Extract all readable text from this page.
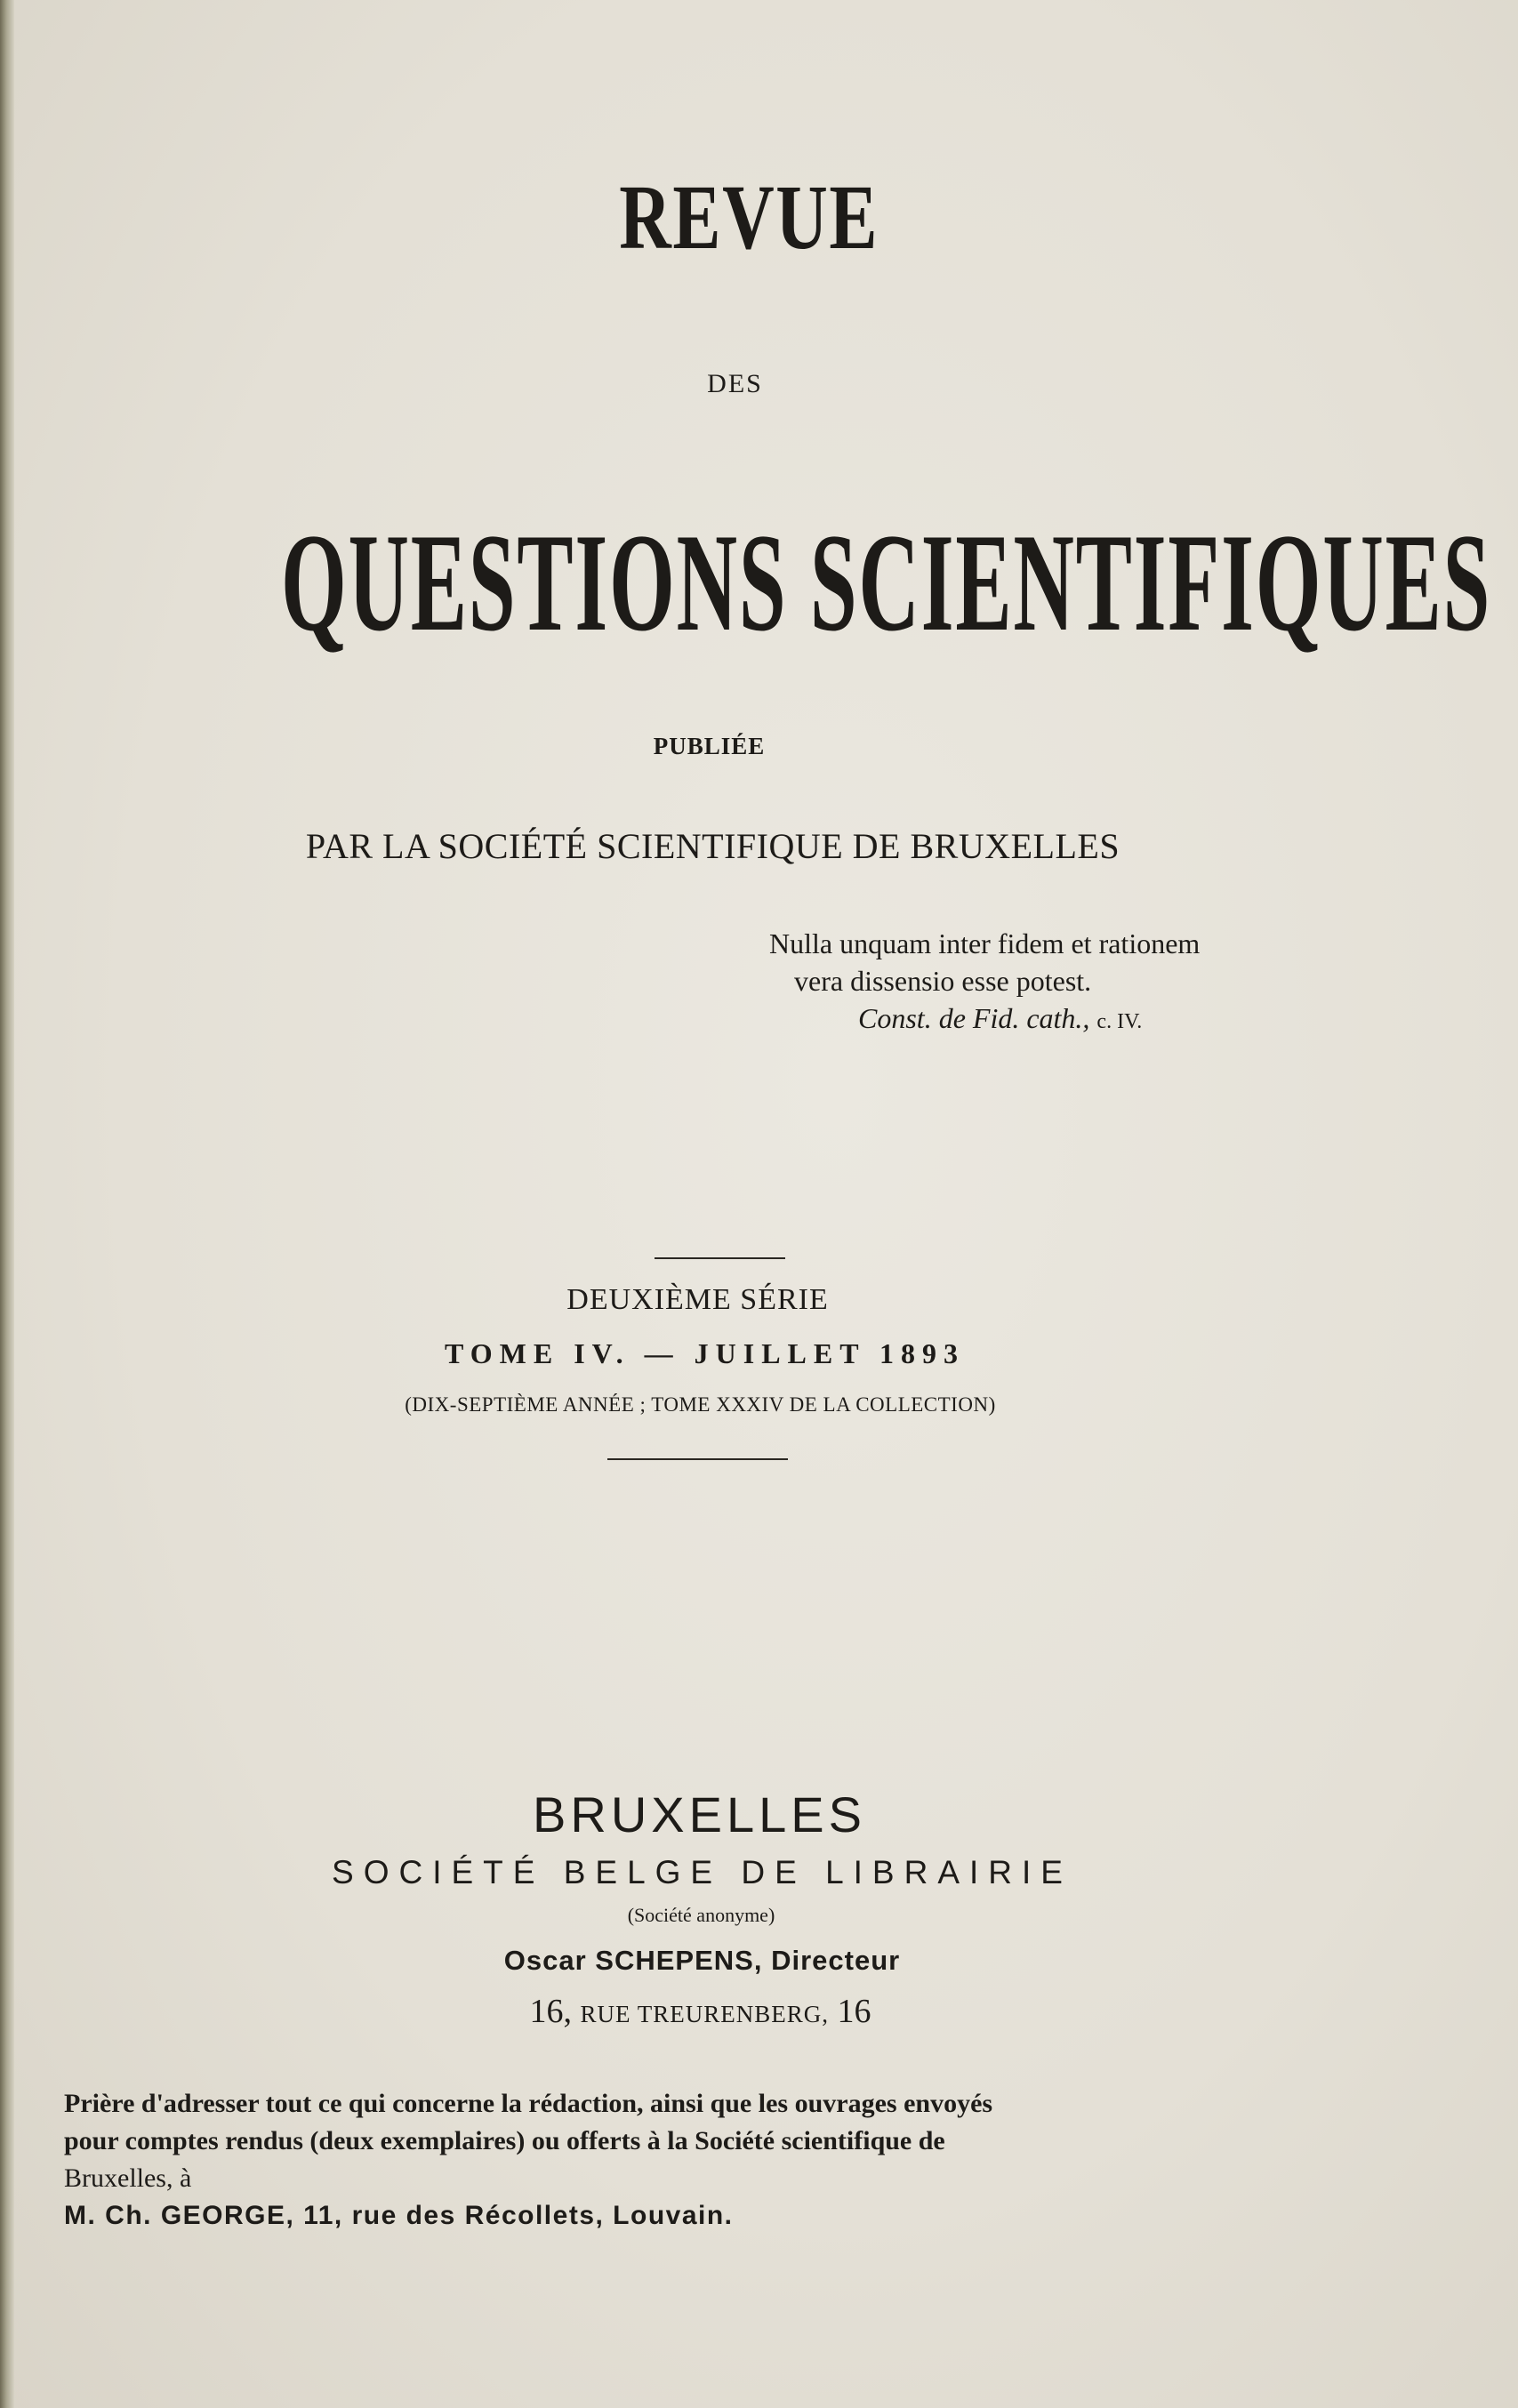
REVUE
DES
QUESTIONS SCIENTIFIQUES
PUBLIÉE
PAR LA SOCIÉTÉ SCIENTIFIQUE DE BRUXELLES
Nulla unquam inter fidem et rationem
vera dissensio esse potest.
Const. de Fid. cath., c. IV.
DEUXIÈME SÉRIE
TOME IV. — JUILLET 1893
(DIX-SEPTIÈME ANNÉE ; TOME XXXIV DE LA COLLECTION)
BRUXELLES
SOCIÉTÉ BELGE DE LIBRAIRIE
(Société anonyme)
Oscar SCHEPENS, Directeur
16, RUE TREURENBERG, 16
Prière d'adresser tout ce qui concerne la rédaction, ainsi que les ouvrages envoyés
pour comptes rendus (deux exemplaires) ou offerts à la Société scientifique de
Bruxelles, à
M. Ch. GEORGE, 11, rue des Récollets, Louvain.
